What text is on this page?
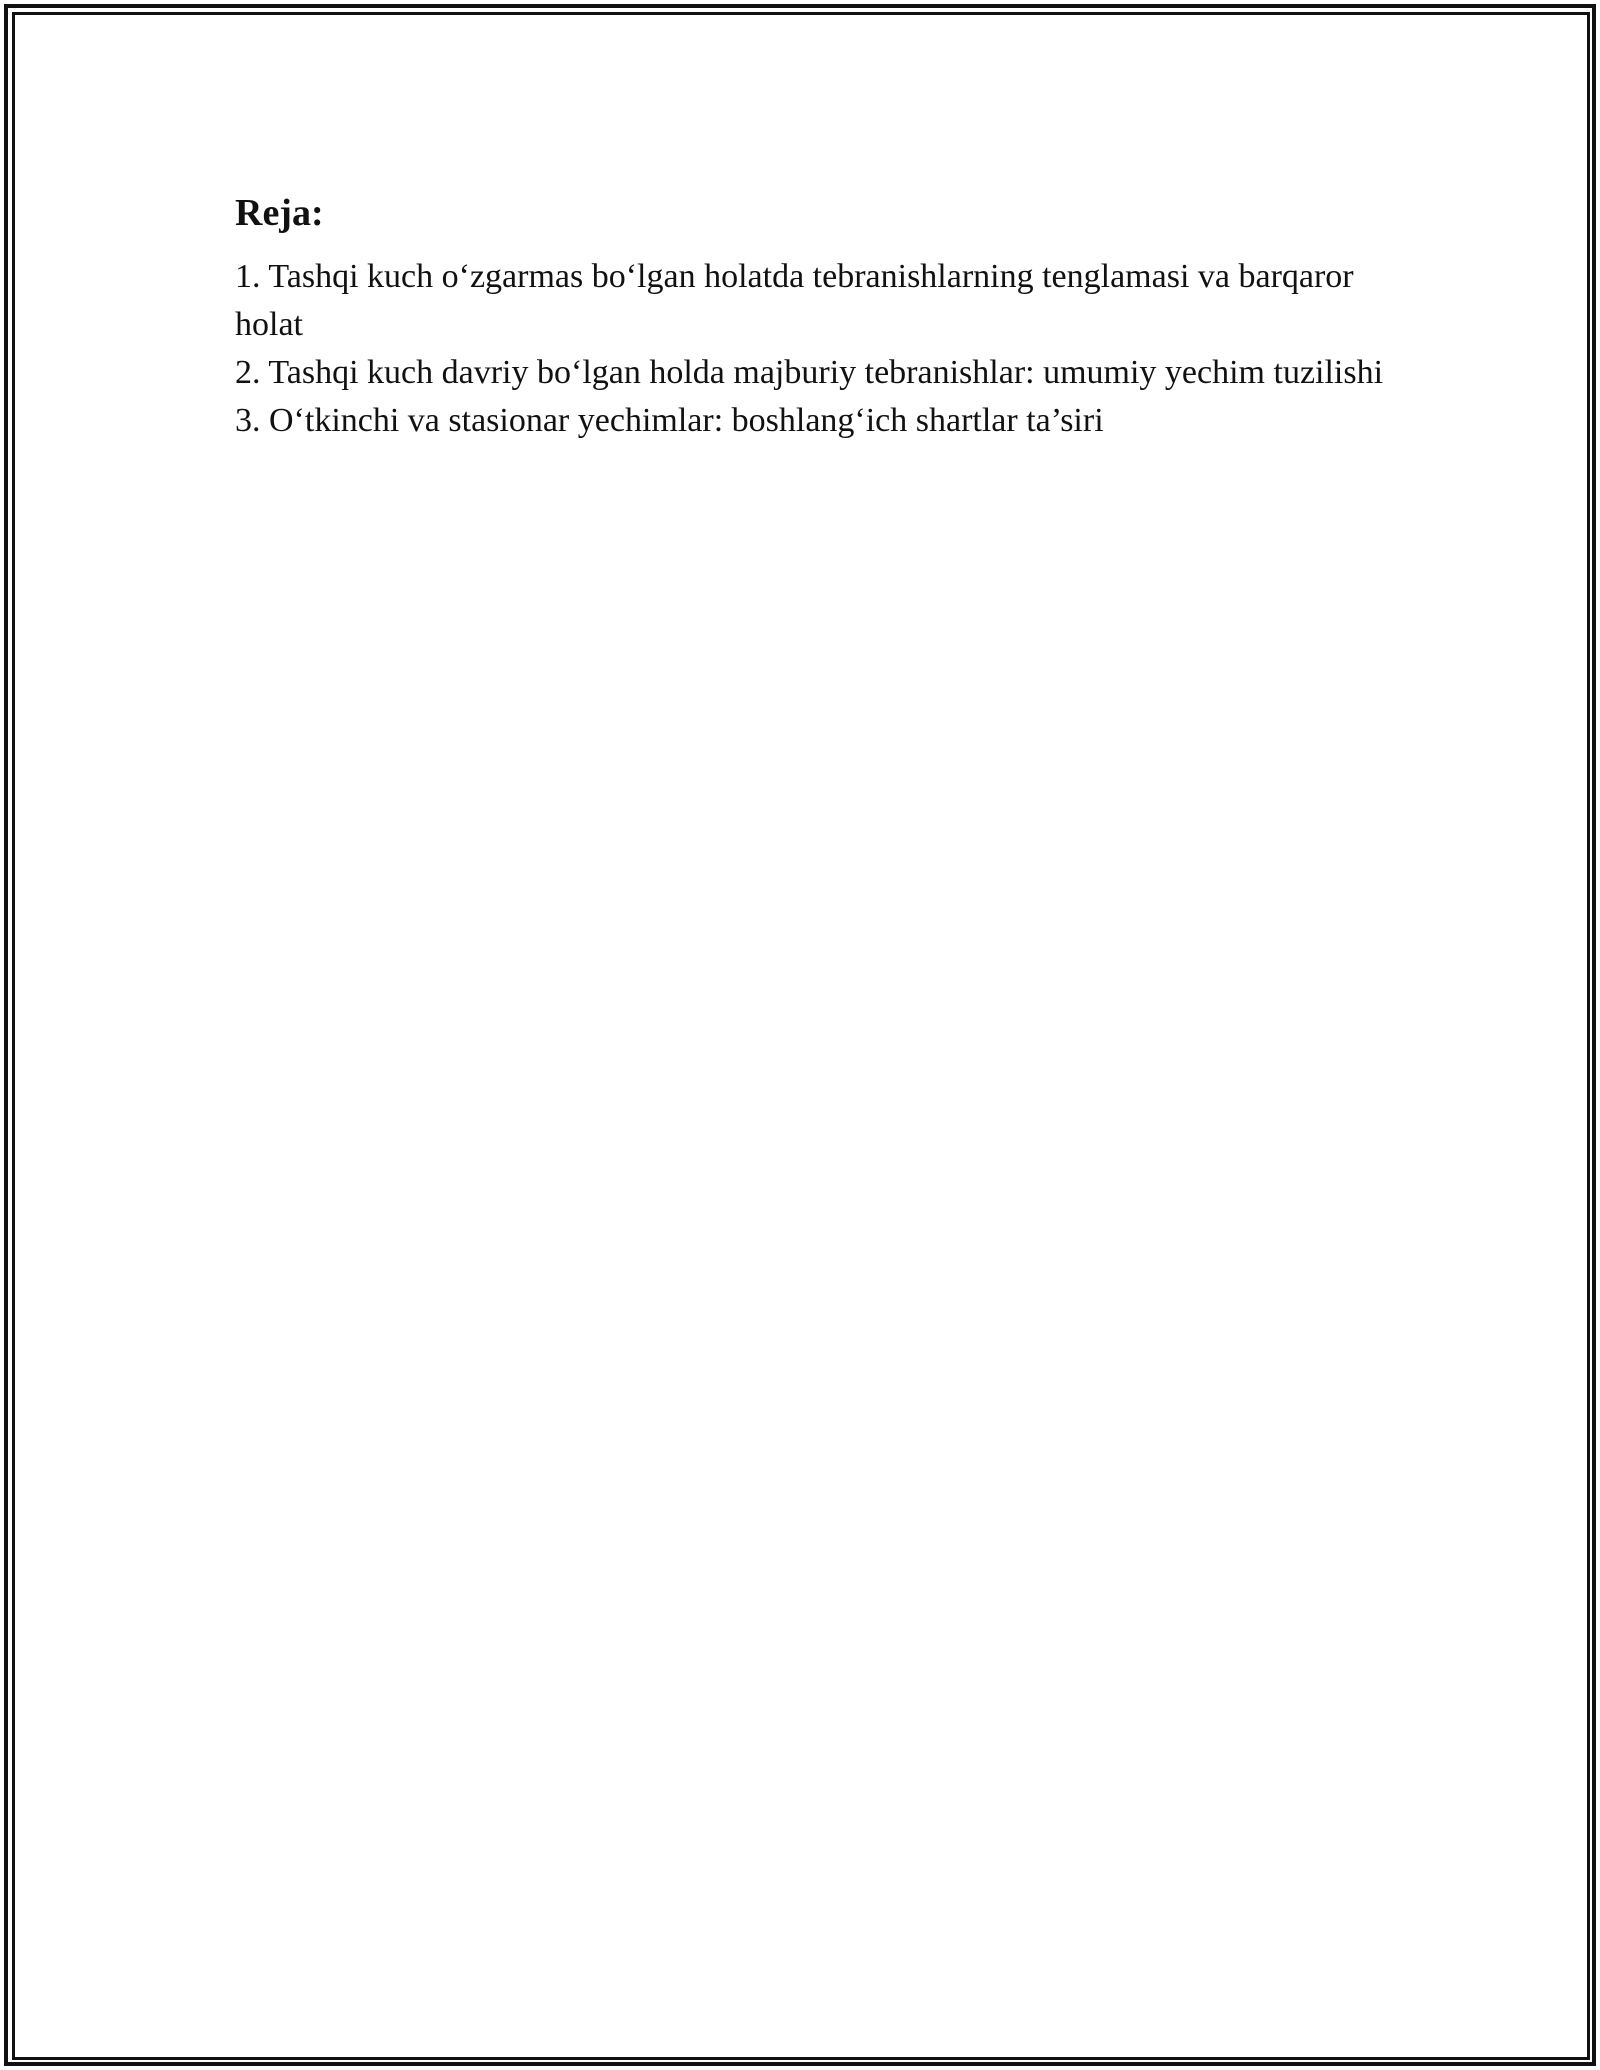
Reja:
1. Tashqi kuch o‘zgarmas bo‘lgan holatda tebranishlarning tenglamasi va barqaror holat
2. Tashqi kuch davriy bo‘lgan holda majburiy tebranishlar: umumiy yechim tuzilishi
3. O‘tkinchi va stasionar yechimlar: boshlang‘ich shartlar ta’siri
